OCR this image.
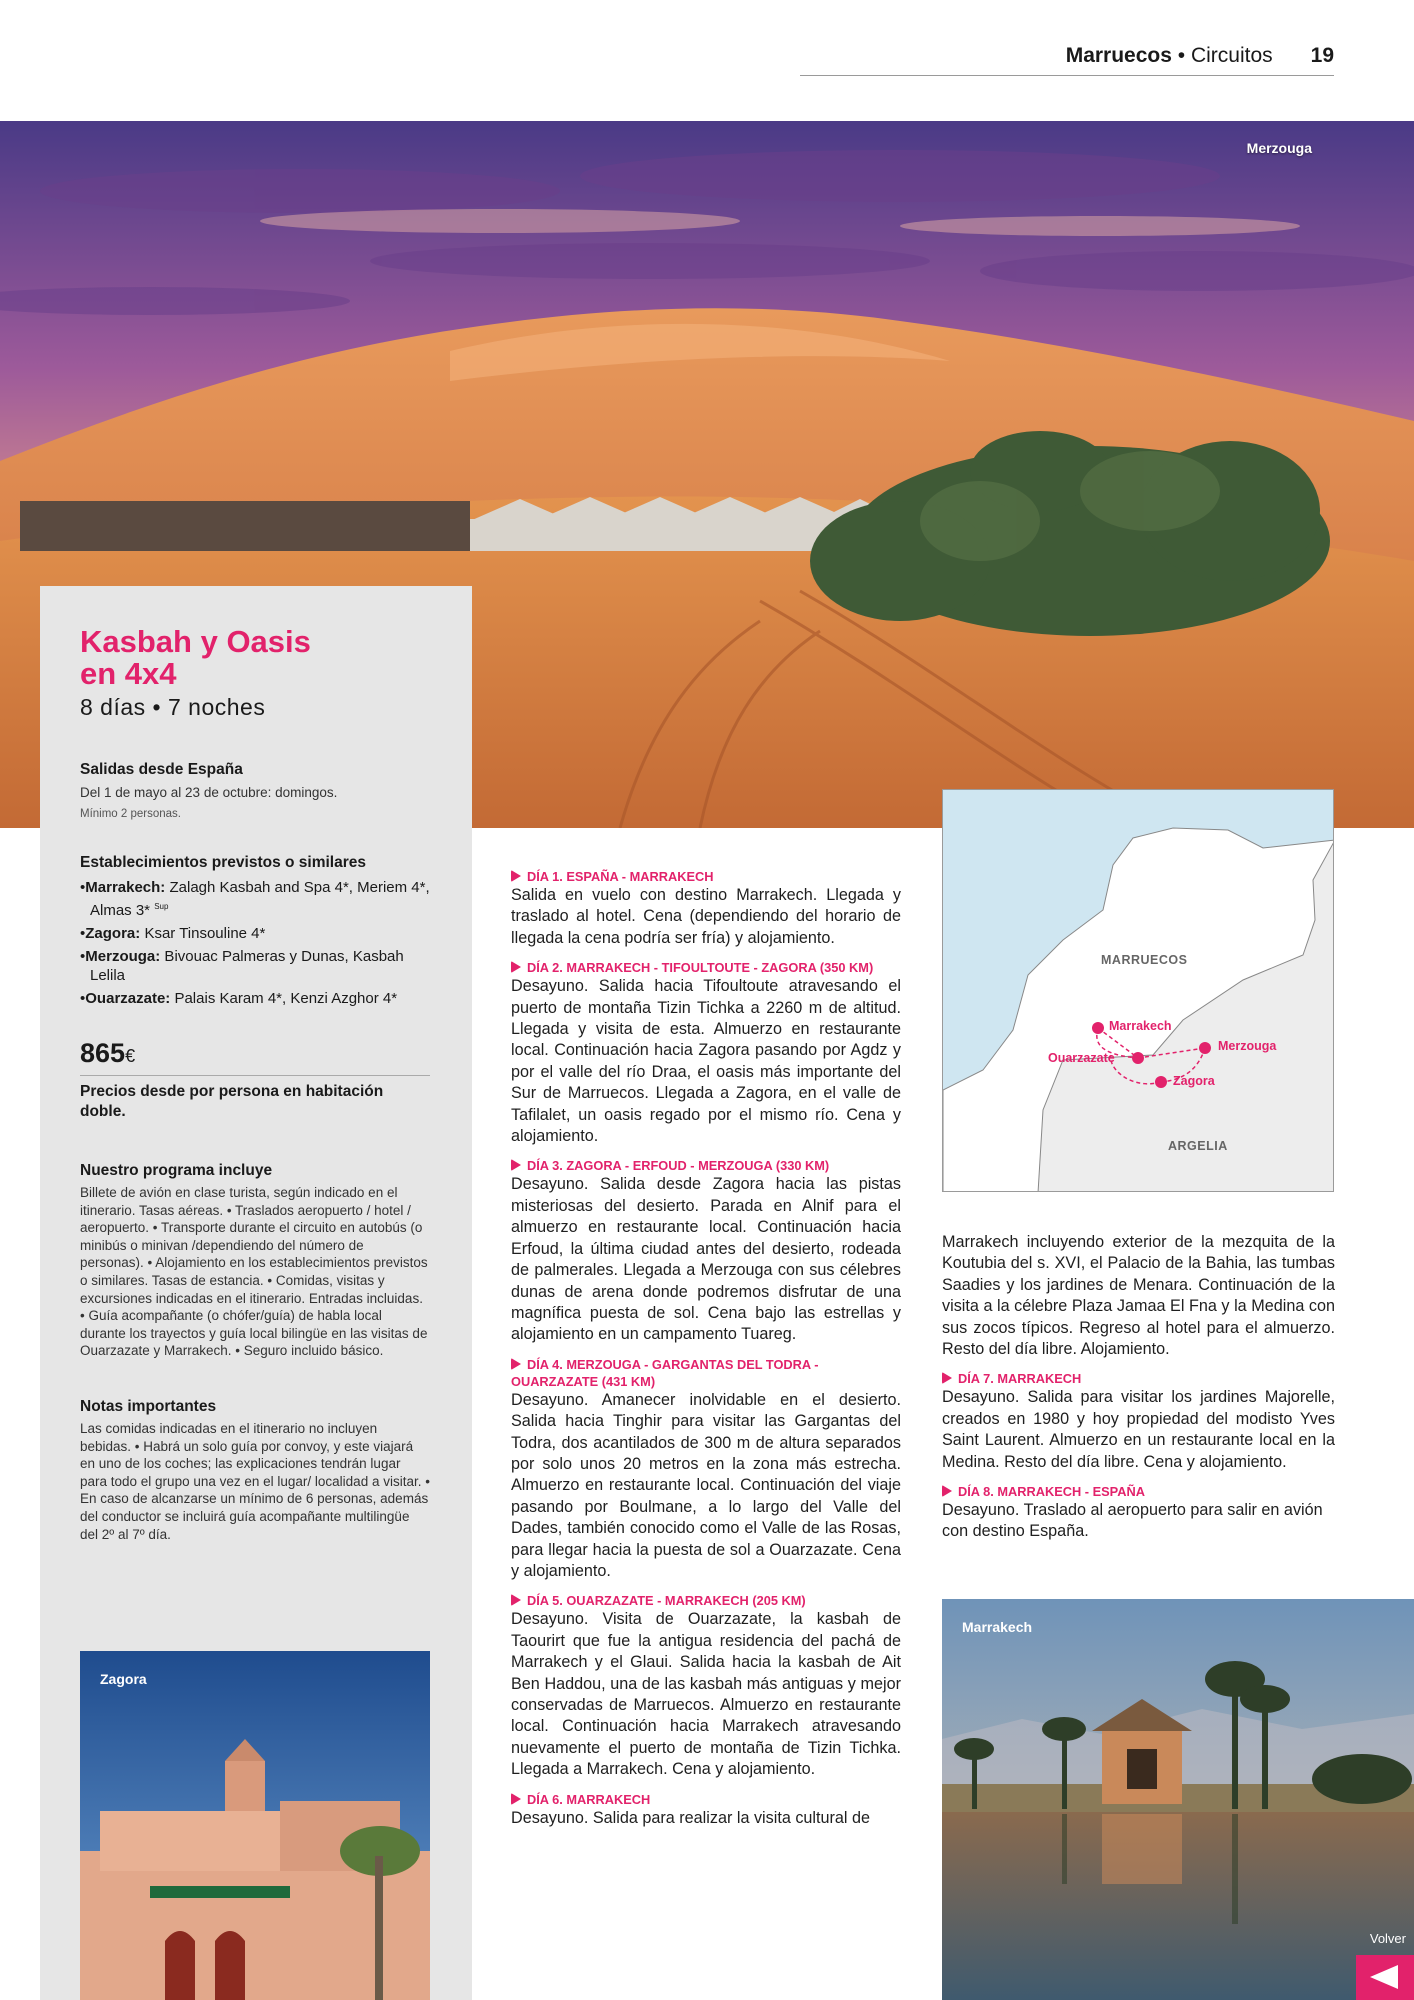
Marruecos • Circuitos 19
Merzouga
Kasbah y Oasis
en 4x4
8 días • 7 noches
Salidas desde España
Del 1 de mayo al 23 de octubre: domingos.
Mínimo 2 personas.
Establecimientos previstos o similares
• Marrakech: Zalagh Kasbah and Spa 4*, Meriem 4*, Almas 3* $^{Sup}$
• Zagora: Ksar Tinsouline 4*
• Merzouga: Bivouac Palmeras y Dunas, Kasbah Lelila
• Ouarzazate: Palais Karam 4*, Kenzi Azghor 4*
865€
Precios desde por persona en habitación doble.
Nuestro programa incluye
Billete de avión en clase turista, según indicado en el itinerario. Tasas aéreas. • Traslados aeropuerto / hotel / aeropuerto. • Transporte durante el circuito en autobús (o minibús o minivan /dependiendo del número de personas). • Alojamiento en los establecimientos previstos o similares. Tasas de estancia. • Comidas, visitas y excursiones indicadas en el itinerario. Entradas incluidas. • Guía acompañante (o chófer/guía) de habla local durante los trayectos y guía local bilingüe en las visitas de Ouarzazate y Marrakech. • Seguro incluido básico.
Notas importantes
Las comidas indicadas en el itinerario no incluyen bebidas. • Habrá un solo guía por convoy, y este viajará en uno de los coches; las explicaciones tendrán lugar para todo el grupo una vez en el lugar/ localidad a visitar. • En caso de alcanzarse un mínimo de 6 personas, además del conductor se incluirá guía acompañante multilingüe del 2º al 7º día.
Zagora
DÍA 1. ESPAÑA - MARRAKECH
Salida en vuelo con destino Marrakech. Llegada y traslado al hotel. Cena (dependiendo del horario de llegada la cena podría ser fría) y alojamiento.
DÍA 2. MARRAKECH - TIFOULTOUTE - ZAGORA (350 KM)
Desayuno. Salida hacia Tifoultoute atravesando el puerto de montaña Tizin Tichka a 2260 m de altitud. Llegada y visita de esta. Almuerzo en restaurante local. Continuación hacia Zagora pasando por Agdz y por el valle del río Draa, el oasis más importante del Sur de Marruecos. Llegada a Zagora, en el valle de Tafilalet, un oasis regado por el mismo río. Cena y alojamiento.
DÍA 3. ZAGORA - ERFOUD - MERZOUGA (330 KM)
Desayuno. Salida desde Zagora hacia las pistas misteriosas del desierto. Parada en Alnif para el almuerzo en restaurante local. Continuación hacia Erfoud, la última ciudad antes del desierto, rodeada de palmerales. Llegada a Merzouga con sus célebres dunas de arena donde podremos disfrutar de una magnífica puesta de sol. Cena bajo las estrellas y alojamiento en un campamento Tuareg.
DÍA 4. MERZOUGA - GARGANTAS DEL TODRA - OUARZAZATE (431 KM)
Desayuno. Amanecer inolvidable en el desierto. Salida hacia Tinghir para visitar las Gargantas del Todra, dos acantilados de 300 m de altura separados por solo unos 20 metros en la zona más estrecha. Almuerzo en restaurante local. Continuación del viaje pasando por Boulmane, a lo largo del Valle del Dades, también conocido como el Valle de las Rosas, para llegar hacia la puesta de sol a Ouarzazate. Cena y alojamiento.
DÍA 5. OUARZAZATE - MARRAKECH (205 KM)
Desayuno. Visita de Ouarzazate, la kasbah de Taourirt que fue la antigua residencia del pachá de Marrakech y el Glaui. Salida hacia la kasbah de Ait Ben Haddou, una de las kasbah más antiguas y mejor conservadas de Marruecos. Almuerzo en restaurante local. Continuación hacia Marrakech atravesando nuevamente el puerto de montaña de Tizin Tichka. Llegada a Marrakech. Cena y alojamiento.
DÍA 6. MARRAKECH
Desayuno. Salida para realizar la visita cultural de
MARRUECOS
ARGELIA
Marrakech
Ouarzazate
Merzouga
Zagora
Marrakech incluyendo exterior de la mezquita de la Koutubia del s. XVI, el Palacio de la Bahia, las tumbas Saadies y los jardines de Menara. Continuación de la visita a la célebre Plaza Jamaa El Fna y la Medina con sus zocos típicos. Regreso al hotel para el almuerzo. Resto del día libre. Alojamiento.
DÍA 7. MARRAKECH
Desayuno. Salida para visitar los jardines Majorelle, creados en 1980 y hoy propiedad del modisto Yves Saint Laurent. Almuerzo en un restaurante local en la Medina. Resto del día libre. Cena y alojamiento.
DÍA 8. MARRAKECH - ESPAÑA
Desayuno. Traslado al aeropuerto para salir en avión con destino España.
Marrakech
Volver
